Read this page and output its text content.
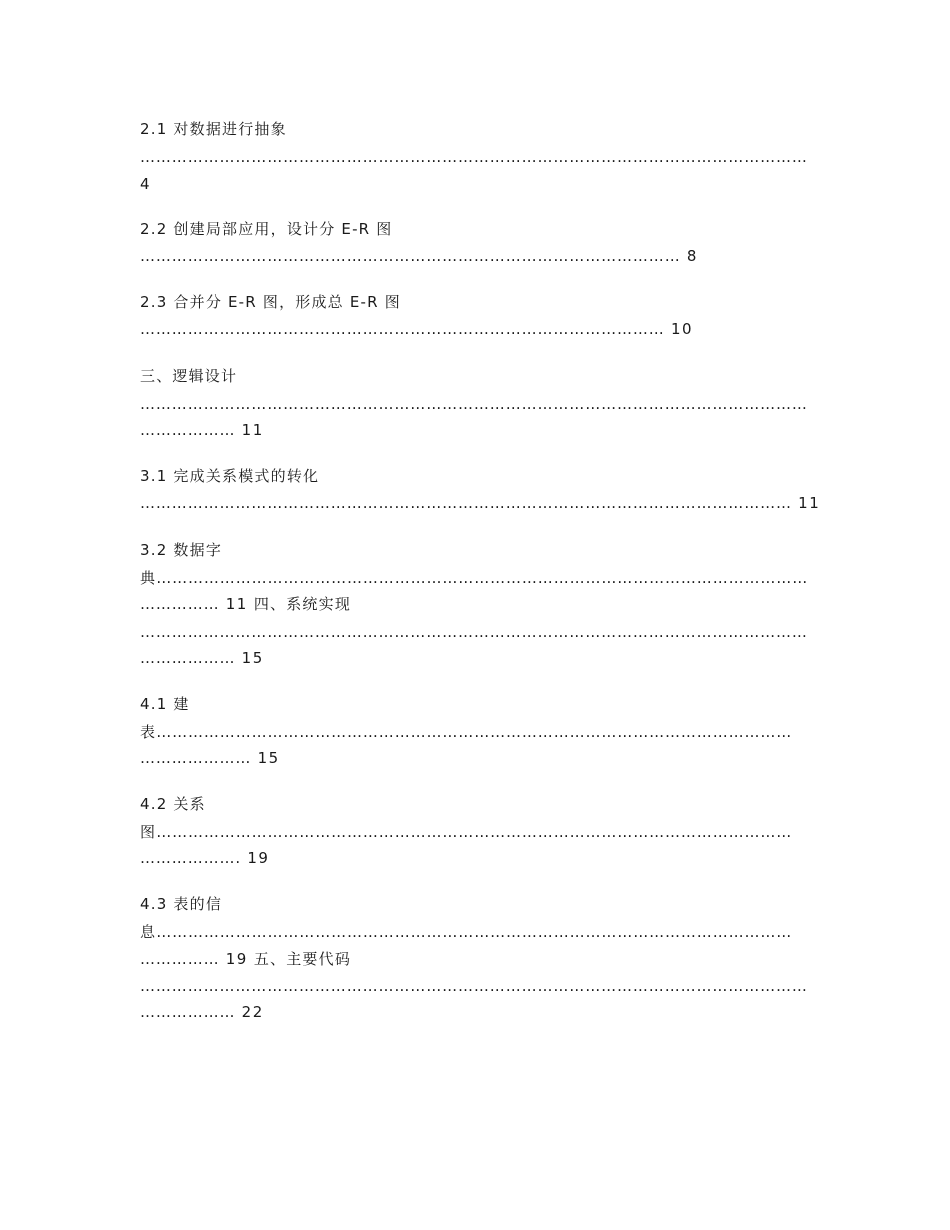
2.1 对数据进行抽象
………………………………………………………………………………………………………………
4
2.2 创建局部应用，设计分 E-R 图
………………………………………………………………………………………… 8
2.3 合并分 E-R 图，形成总 E-R 图
……………………………………………………………………………………… 10
三、逻辑设计
………………………………………………………………………………………………………………
……………… 11
3.1 完成关系模式的转化
…………………………………………………………………………………………………………… 11
3.2 数据字
典……………………………………………………………………………………………………………
…………… 11 四、系统实现
………………………………………………………………………………………………………………
……………… 15
4.1 建
表…………………………………………………………………………………………………………
………………… 15
4.2 关系
图…………………………………………………………………………………………………………
………………. 19
4.3 表的信
息…………………………………………………………………………………………………………
…………… 19 五、主要代码
………………………………………………………………………………………………………………
……………… 22
